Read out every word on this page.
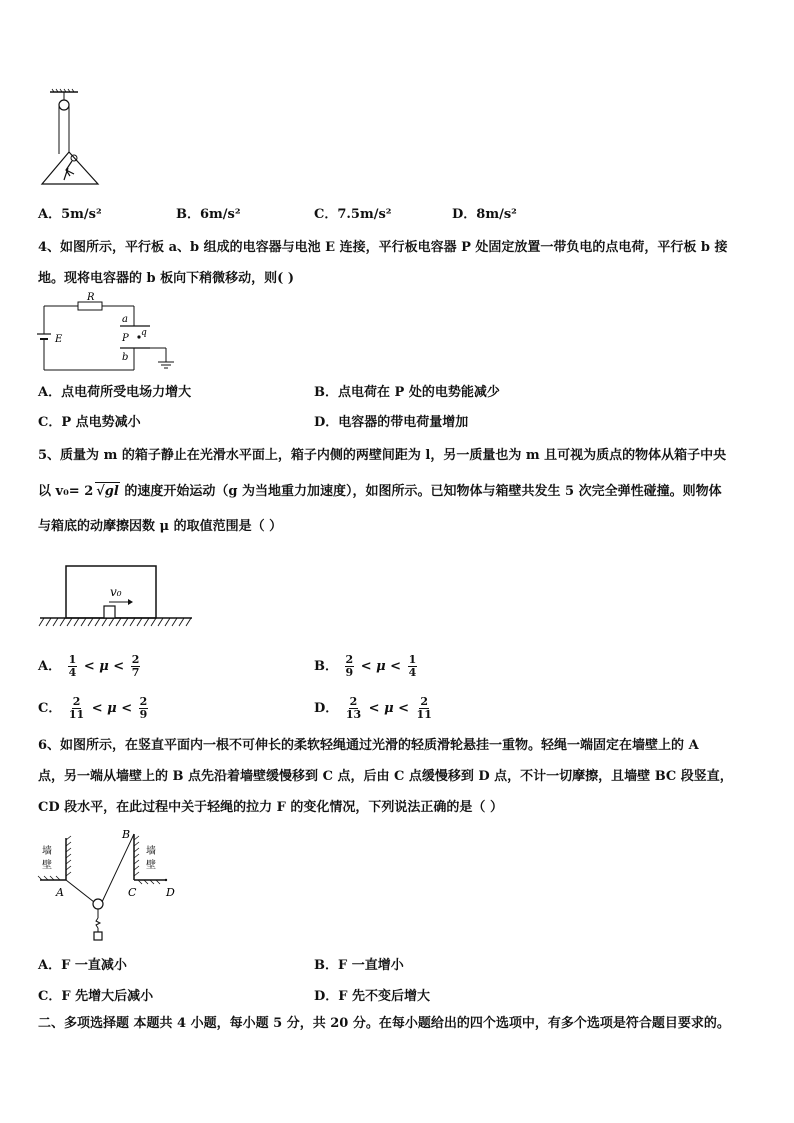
A．5m/s²	B．6m/s²	C．7.5m/s²	D．8m/s²
4、如图所示，平行板 a、b 组成的电容器与电池 E 连接，平行板电容器 P 处固定放置一带负电的点电荷，平行板 b 接
地。现将电容器的 b 板向下稍微移动，则( )
R
E
a
b
P q
A．点电荷所受电场力增大	B．点电荷在 P 处的电势能减少
C．P 点电势减小	D．电容器的带电荷量增加
5、质量为 m 的箱子静止在光滑水平面上，箱子内侧的两壁间距为 l，另一质量也为 m 且可视为质点的物体从箱子中央
以 v₀= 2 √gl 的速度开始运动（g 为当地重力加速度），如图所示。已知物体与箱壁共发生 5 次完全弹性碰撞。则物体
与箱底的动摩擦因数 μ 的取值范围是（ ）
v₀
A． $\frac{1}{4} < \mu < \frac{2}{7}$	B． $\frac{2}{9} < \mu < \frac{1}{4}$
C． $\frac{2}{11} < \mu < \frac{2}{9}$	D． $\frac{2}{13} < \mu < \frac{2}{11}$
6、如图所示，在竖直平面内一根不可伸长的柔软轻绳通过光滑的轻质滑轮悬挂一重物。轻绳一端固定在墙壁上的 A
点，另一端从墙壁上的 B 点先沿着墙壁缓慢移到 C 点，后由 C 点缓慢移到 D 点，不计一切摩擦，且墙壁 BC 段竖直，
CD 段水平，在此过程中关于轻绳的拉力 F 的变化情况，下列说法正确的是（ ）
墙
壁
墙
壁
A
B
C	D
A．F 一直减小	B．F 一直增小
C．F 先增大后减小	D．F 先不变后增大
二、多项选择题 本题共 4 小题，每小题 5 分，共 20 分。在每小题给出的四个选项中，有多个选项是符合题目要求的。
